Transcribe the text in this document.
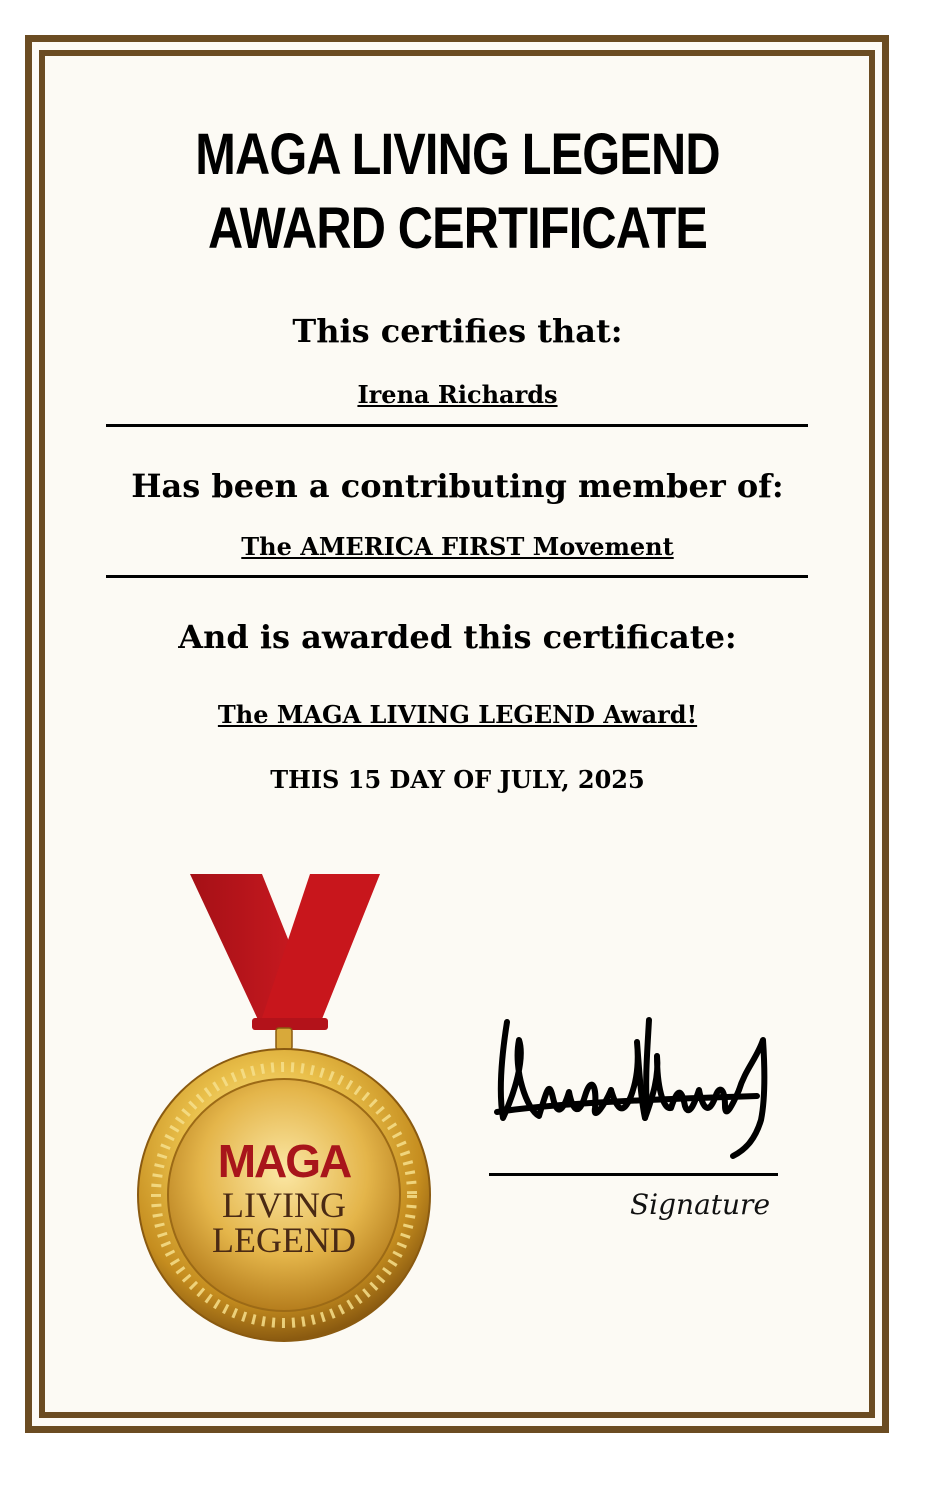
MAGA LIVING LEGEND AWARD CERTIFICATE
This certifies that:
Irena Richards
Has been a contributing member of:
The AMERICA FIRST Movement
And is awarded this certificate:
The MAGA LIVING LEGEND Award!
THIS 15 DAY OF JULY, 2025
MAGA
LIVING
LEGEND
Signature
